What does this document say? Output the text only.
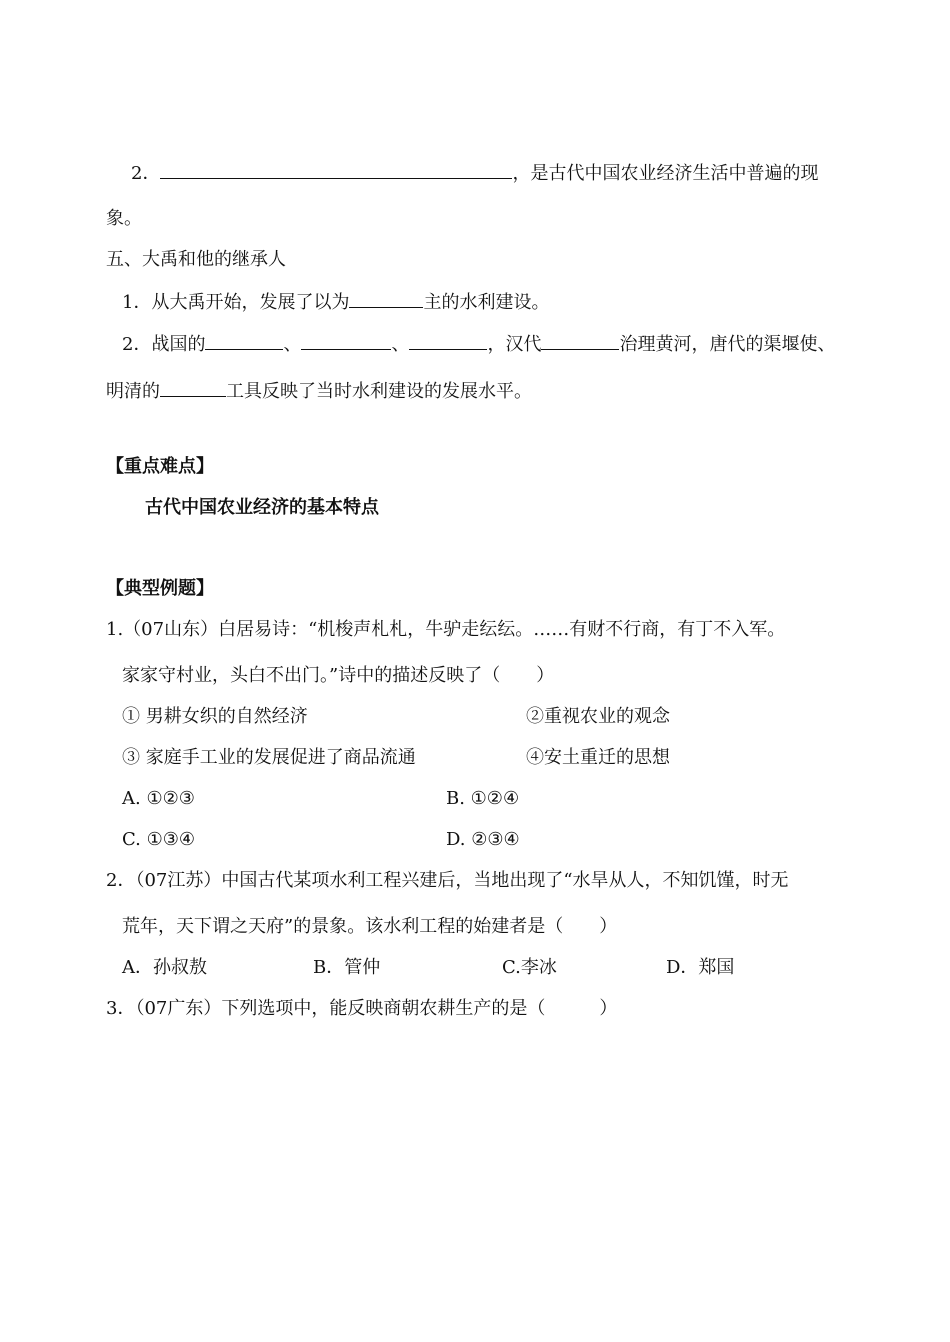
2．	，是古代中国农业经济生活中普遍的现
象。
五、大禹和他的继承人
1．从大禹开始，发展了以为	主的水利建设。
2．战国的	、	、	，汉代	治理黄河，唐代的渠堰使、
明清的	工具反映了当时水利建设的发展水平。
【重点难点】
古代中国农业经济的基本特点
【典型例题】
1.（07山东）白居易诗：“机梭声札札，牛驴走纭纭。……有财不行商，有丁不入军。
家家守村业，头白不出门。”诗中的描述反映了（　　）
① 男耕女织的自然经济	②重视农业的观念
③ 家庭手工业的发展促进了商品流通	④安土重迁的思想
A. ①②③	B. ①②④
C. ①③④	D. ②③④
2．（07江苏）中国古代某项水利工程兴建后，当地出现了“水旱从人，不知饥馑，时无
荒年，天下谓之天府”的景象。该水利工程的始建者是（　　）
A．孙叔敖	B．管仲	C.李冰	D．郑国
3．（07广东）下列选项中，能反映商朝农耕生产的是（　　　）
